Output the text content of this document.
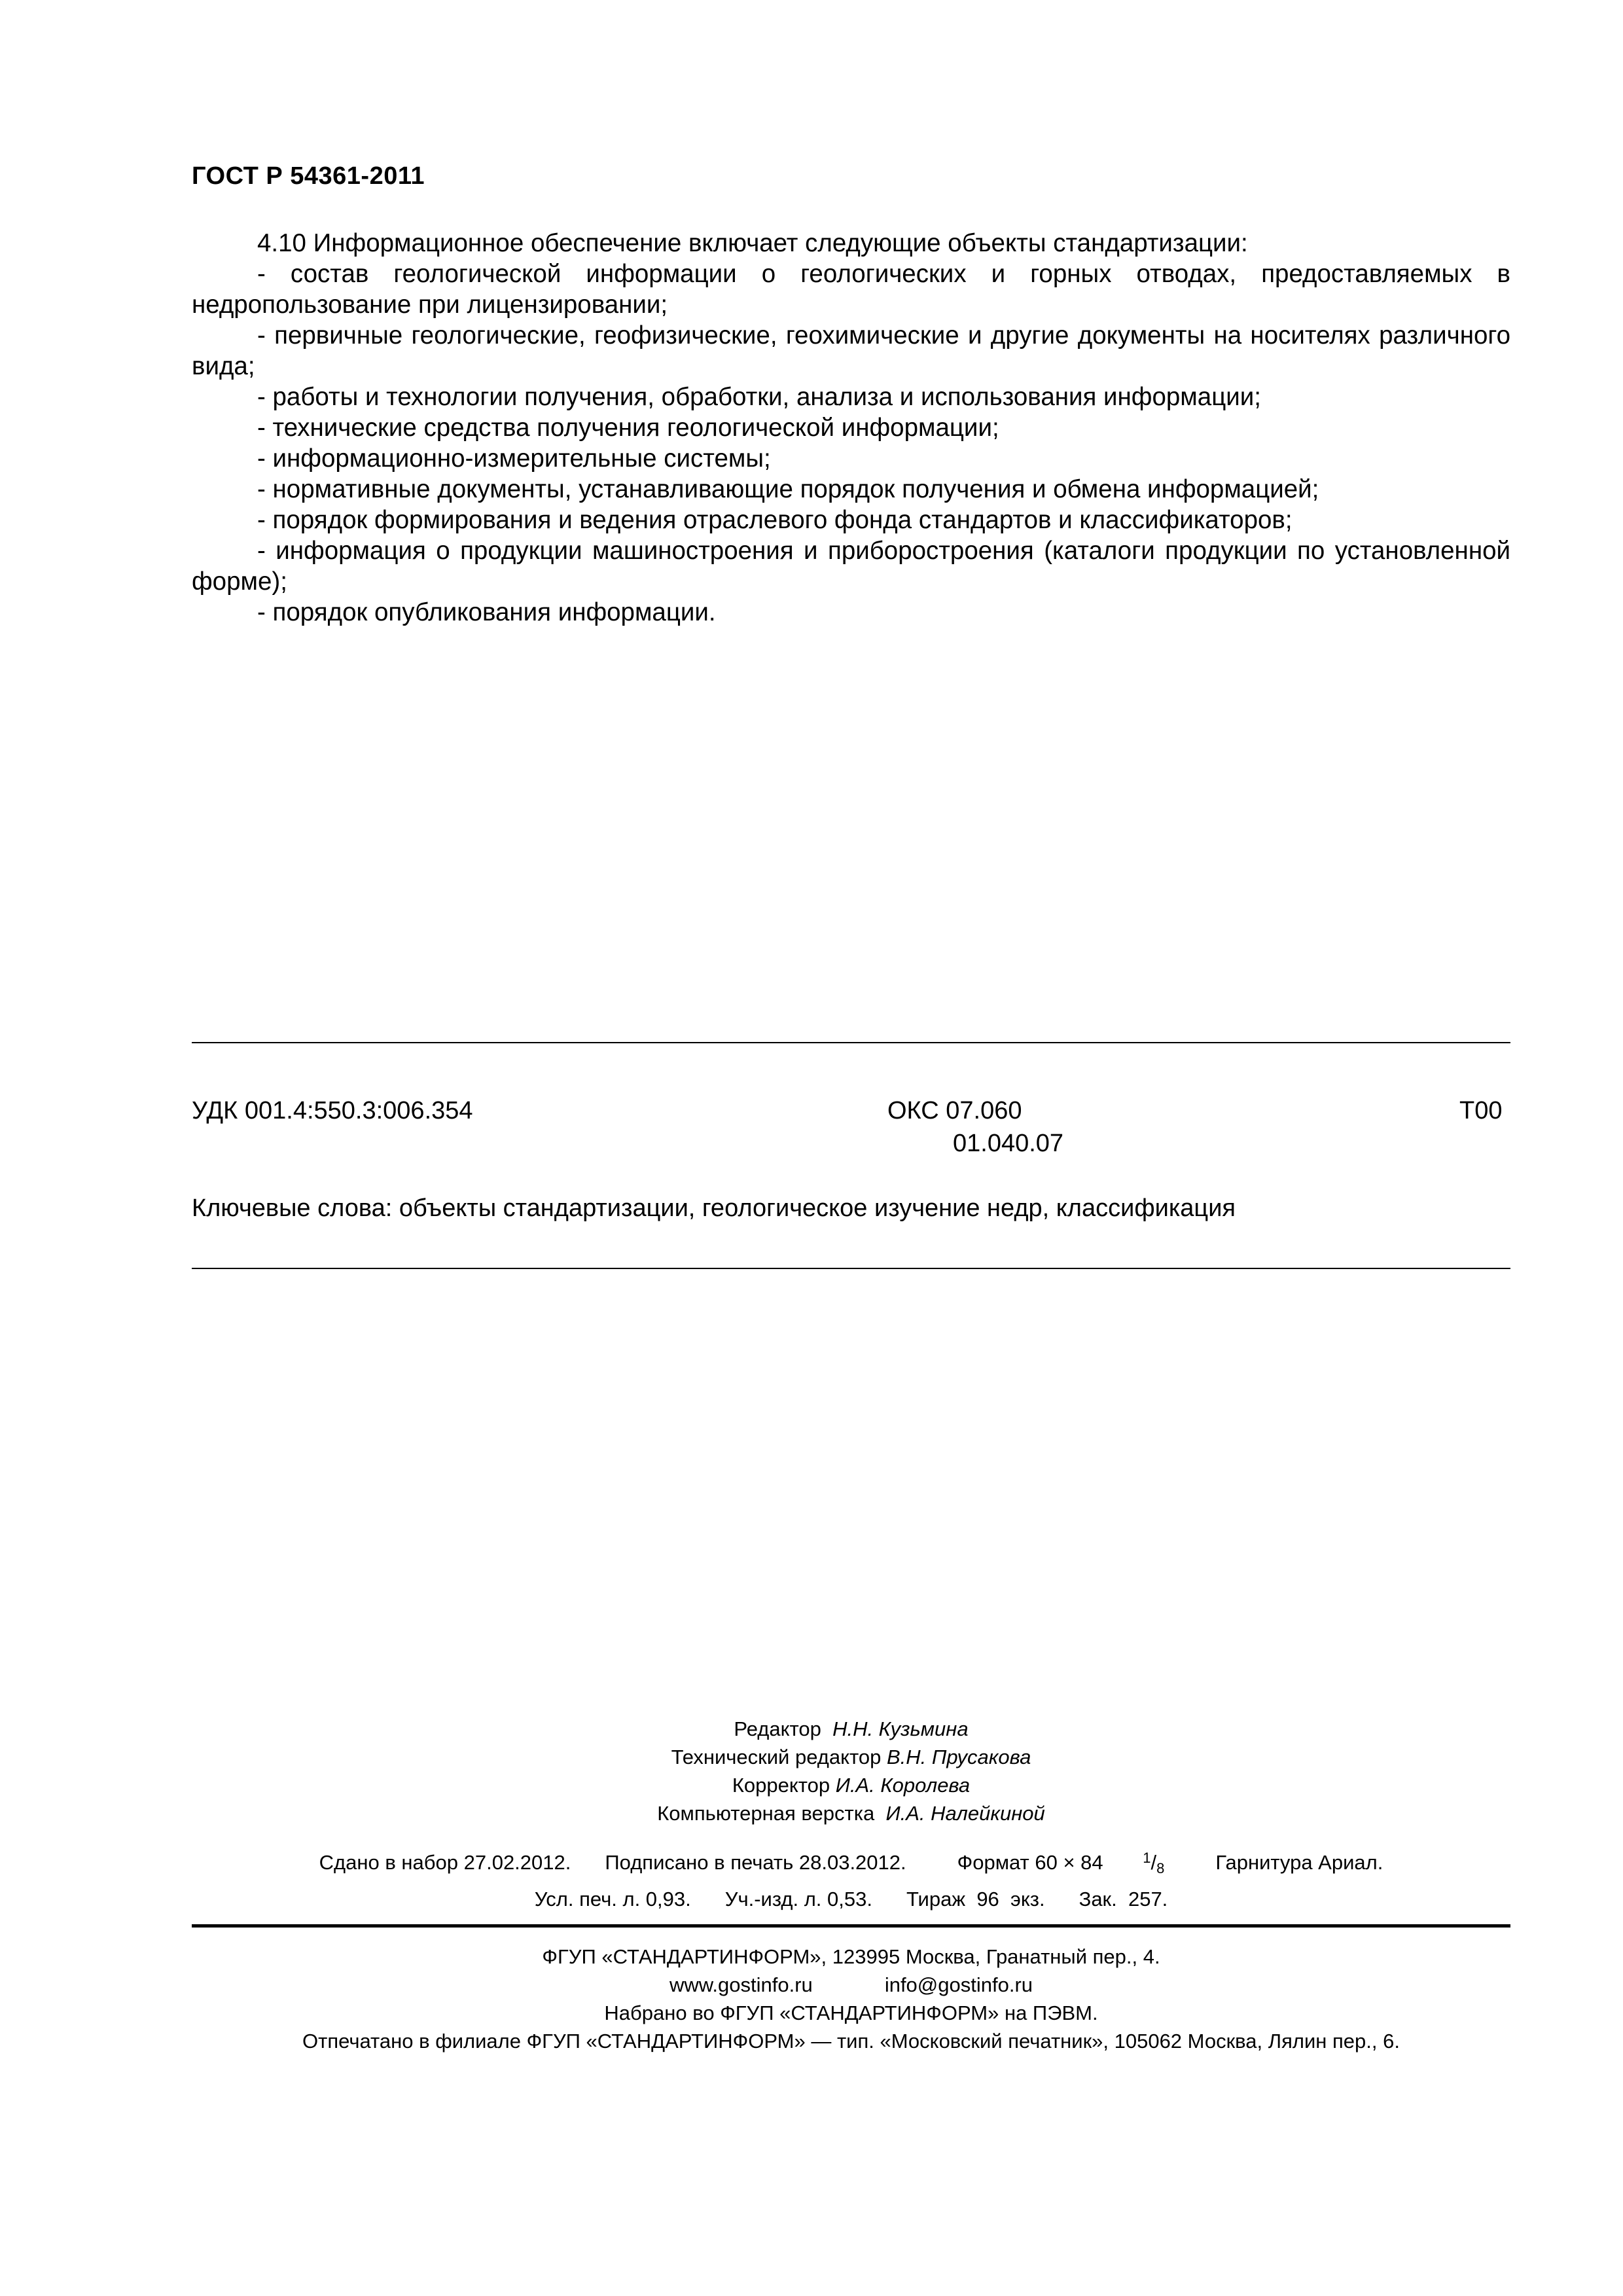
ГОСТ Р 54361-2011

4.10 Информационное обеспечение включает следующие объекты стандартизации:

- состав геологической информации о геологических и горных отводах, предоставляемых в недропользование при лицензировании;

- первичные геологические, геофизические, геохимические и другие документы на носителях различного вида;

- работы и технологии получения, обработки, анализа и использования информации;

- технические средства получения геологической информации;

- информационно-измерительные системы;

- нормативные документы, устанавливающие порядок получения и обмена информацией;

- порядок формирования и ведения отраслевого фонда стандартов и классификаторов;

- информация о продукции машиностроения и приборостроения (каталоги продукции по установленной форме);

- порядок опубликования информации.

УДК 001.4:550.3:006.354	ОКС 07.060
01.040.07
Т00
Ключевые слова: объекты стандартизации, геологическое изучение недр, классификация
Редактор Н.Н. Кузьмина
Технический редактор В.Н. Прусакова
Корректор И.А. Королева
Компьютерная верстка И.А. Налейкиной
Сдано в набор 27.02.2012. Подписано в печать 28.03.2012.	Формат 60 × 84	$^1/_8$	Гарнитура Ариал.
Усл. печ. л. 0,93. Уч.-изд. л. 0,53. Тираж  96  экз. Зак.  257.
ФГУП «СТАНДАРТИНФОРМ», 123995 Москва, Гранатный пер., 4.
www.gostinfo.ru	info@gostinfo.ru
Набрано во ФГУП «СТАНДАРТИНФОРМ» на ПЭВМ.
Отпечатано в филиале ФГУП «СТАНДАРТИНФОРМ» — тип. «Московский печатник», 105062 Москва, Лялин пер., 6.
